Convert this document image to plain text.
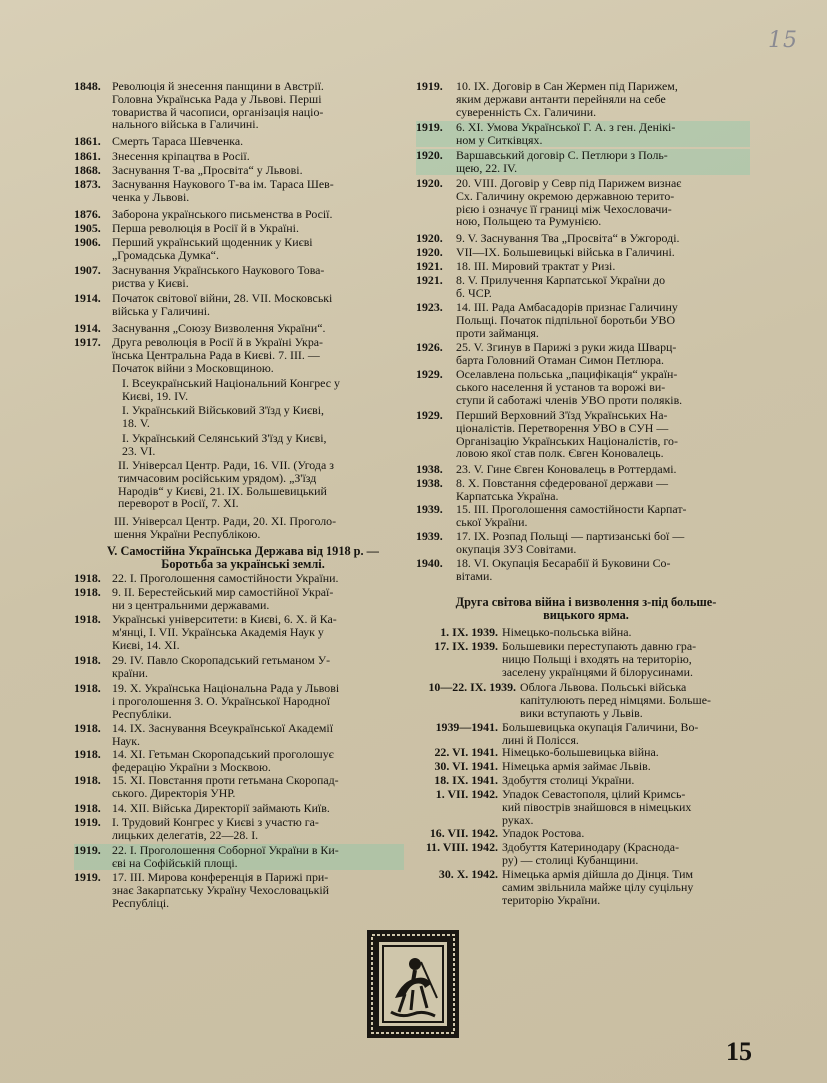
15
1848. Революція й знесення панщини в Австрії.
Головна Українська Рада у Львові. Перші
товариства й часописи, організація націо-
нального війська в Галичині.
1861. Смерть Тараса Шевченка.
1861. Знесення кріпацтва в Росії.
1868. Заснування Т-ва „Просвіта“ у Львові.
1873. Заснування Наукового Т-ва ім. Тараса Шев-
ченка у Львові.
1876. Заборона українського письменства в Росії.
1905. Перша революція в Росії й в Україні.
1906. Перший український щоденник у Києві
„Громадська Думка“.
1907. Заснування Українського Наукового Това-
риства у Києві.
1914. Початок світової війни, 28. VII. Московські
війська у Галичині.
1914. Заснування „Союзу Визволення України“.
1917. Друга революція в Росії й в Україні Укра-
їнська Центральна Рада в Києві. 7. III. —
Початок війни з Московщиною.
I. Всеукраїнський Національний Конгрес у
Києві, 19. IV.
I. Український Військовий З'їзд у Києві,
18. V.
I. Український Селянський З'їзд у Києві,
23. VI.
II. Універсал Центр. Ради, 16. VII. (Угода з
тимчасовим російським урядом). „З'їзд
Народів“ у Києві, 21. IX. Большевицький
переворот в Росії, 7. XI.
III. Універсал Центр. Ради, 20. XI. Проголо-
шення України Республікою.
V. Самостійна Українська Держава від 1918 р. —
Боротьба за українські землі.
1918. 22. I. Проголошення самостійности України.
1918. 9. II. Берестейський мир самостійної Украї-
ни з центральними державами.
1918. Українські університети: в Києві, 6. X. й Ка-
м'янці, I. VII. Українська Академія Наук у
Києві, 14. XI.
1918. 29. IV. Павло Скоропадський гетьманом У-
країни.
1918. 19. X. Українська Національна Рада у Львові
і проголошення З. О. Української Народної
Республіки.
1918. 14. IX. Заснування Всеукраїнської Академії
Наук.
1918. 14. XI. Гетьман Скоропадський проголошує
федерацію України з Москвою.
1918. 15. XI. Повстання проти гетьмана Скоропад-
ського. Директорія УНР.
1918. 14. XII. Війська Директорії займають Київ.
1919. I. Трудовий Конгрес у Києві з участю га-
лицьких делегатів, 22—28. I.
1919. 22. I. Проголошення Соборної України в Ки-
єві на Софійській площі.
1919. 17. III. Мирова конференція в Парижі при-
знає Закарпатську Україну Чехословацькій
Республіці.
1919.	10. IX. Договір в Сан Жермен під Парижем,
яким держави антанти перейняли на себе
суверенність Сх. Галичини.
1919.	6. XI. Умова Української Г. А. з ген. Денікі-
ном у Ситківцях.
1920.	Варшавський договір С. Петлюри з Поль-
щею, 22. IV.
1920.	20. VIII. Договір у Севр під Парижем визнає
Сх. Галичину окремою державною терито-
рією і означує її границі між Чехословачи-
ною, Польщею та Румунією.
1920.	9. V. Заснування Тва „Просвіта“ в Ужгороді.
1920.	VII—IX. Большевицькі війська в Галичині.
1921.	18. III. Мировий трактат у Ризі.
1921.	8. V. Прилучення Карпатської України до
б. ЧСР.
1923.	14. III. Рада Амбасадорів признає Галичину
Польщі. Початок підпільної боротьби УВО
проти займанця.
1926.	25. V. Згинув в Парижі з руки жида Шварц-
барта Головний Отаман Симон Петлюра.
1929.	Оселавлена польська „пацифікація“ україн-
ського населення й установ та ворожі ви-
ступи й саботажі членів УВО проти поляків.
1929.	Перший Верховний З'їзд Українських На-
ціоналістів. Перетворення УВО в СУН —
Організацію Українських Націоналістів, го-
ловою якої став полк. Євген Коновалець.
1938.	23. V. Гине Євген Коновалець в Роттердамі.
1938.	8. X. Повстання сфедерованої держави —
Карпатська Україна.
1939.	15. III. Проголошення самостійности Карпат-
ської України.
1939.	17. IX. Розпад Польщі — партизанські бої —
окупація ЗУЗ Совітами.
1940.	18. VI. Окупація Бесарабії й Буковини Со-
вітами.
Друга світова війна і визволення з-під больше-
вицького ярма.
1. IX. 1939. Німецько-польська війна.
17. IX. 1939. Большевики переступають давню гра-
ницю Польщі і входять на територію,
заселену українцями й білорусинами.
10—22. IX. 1939. Облога Львова. Польські війська
капітулюють перед німцями. Больше-
вики вступають у Львів.
1939—1941. Большевицька окупація Галичини, Во-
лині й Полісся.
22. VI. 1941. Німецько-большевицька війна.
30. VI. 1941. Німецька армія займає Львів.
18. IX. 1941. Здобуття столиці України.
1. VII. 1942. Упадок Севастополя, цілий Кримсь-
кий півострів знайшовся в німецьких
руках.
16. VII. 1942. Упадок Ростова.
11. VIII. 1942. Здобуття Катеринодару (Краснода-
ру) — столиці Кубанщини.
30. X. 1942. Німецька армія дійшла до Дінця. Тим
самим звільнила майже цілу суцільну
територію України.
15
